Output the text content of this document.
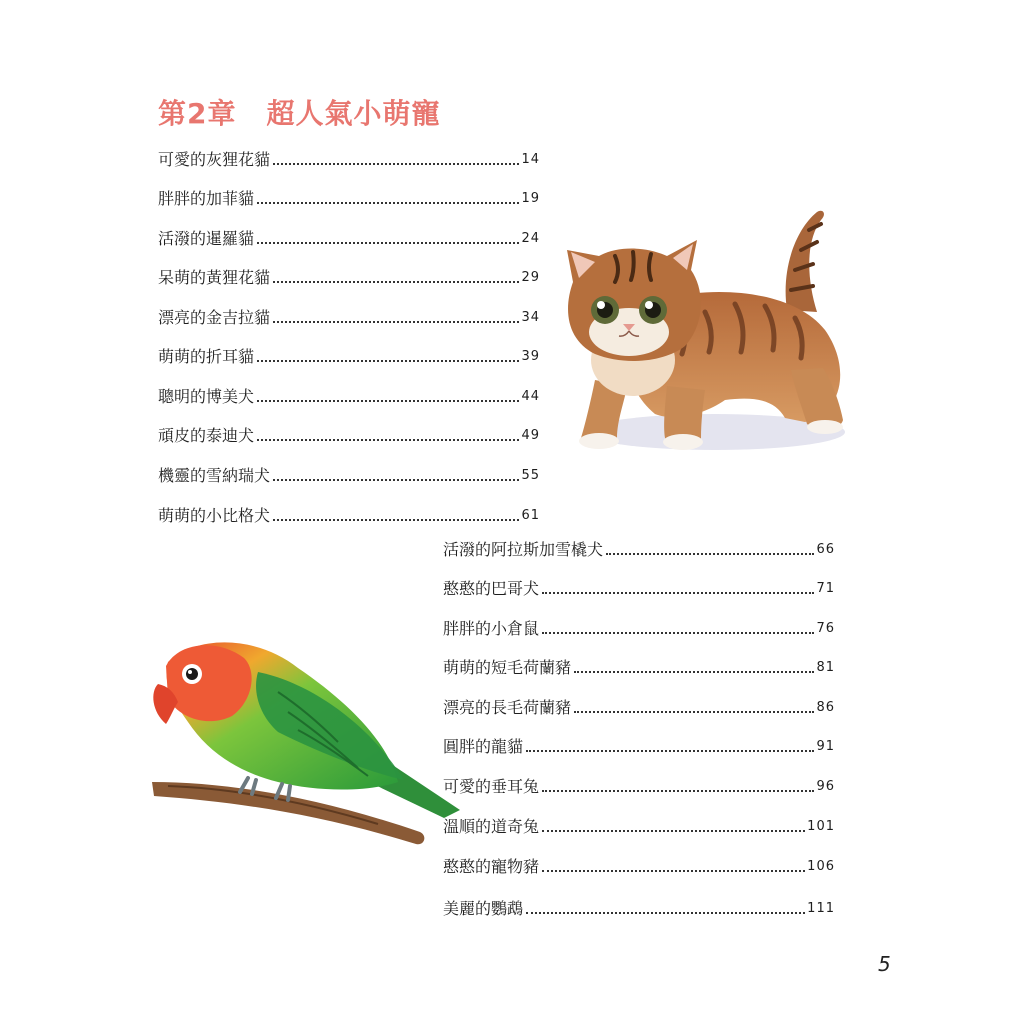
第2章 超人氣小萌寵
可愛的灰狸花貓	14
胖胖的加菲貓	19
活潑的暹羅貓	24
呆萌的黃狸花貓	29
漂亮的金吉拉貓	34
萌萌的折耳貓	39
聰明的博美犬	44
頑皮的泰迪犬	49
機靈的雪納瑞犬	55
萌萌的小比格犬	61
活潑的阿拉斯加雪橇犬	66
憨憨的巴哥犬	71
胖胖的小倉鼠	76
萌萌的短毛荷蘭豬	81
漂亮的長毛荷蘭豬	86
圓胖的龍貓	91
可愛的垂耳兔	96
溫順的道奇兔	101
憨憨的寵物豬	106
美麗的鸚鵡	111
5
